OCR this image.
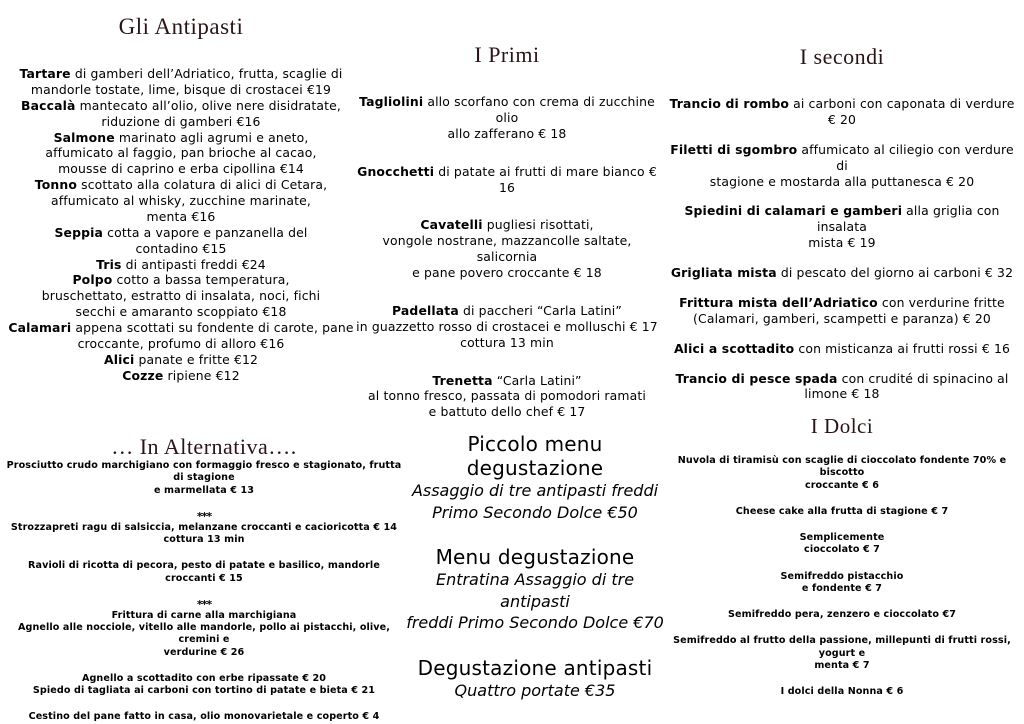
Gli Antipasti
Tartare di gamberi dell’Adriatico, frutta, scaglie di
mandorle tostate, lime, bisque di crostacei €19
Baccalà mantecato all’olio, olive nere disidratate,
riduzione di gamberi €16
Salmone marinato agli agrumi e aneto,
affumicato al faggio, pan brioche al cacao,
mousse di caprino e erba cipollina €14
Tonno scottato alla colatura di alici di Cetara,
affumicato al whisky, zucchine marinate,
menta €16
Seppia cotta a vapore e panzanella del
contadino €15
Tris di antipasti freddi €24
Polpo cotto a bassa temperatura,
bruschettato, estratto di insalata, noci, fichi
secchi e amaranto scoppiato €18
Calamari appena scottati su fondente di carote, pane
croccante, profumo di alloro €16
Alici panate e fritte €12
Cozze ripiene €12
I Primi
Tagliolini allo scorfano con crema di zucchine olio
allo zafferano € 18
Gnocchetti di patate ai frutti di mare bianco € 16
Cavatelli pugliesi risottati,
vongole nostrane, mazzancolle saltate, salicornia
e pane povero croccante € 18
Padellata di paccheri “Carla Latini”
in guazzetto rosso di crostacei e molluschi € 17
cottura 13 min
Trenetta “Carla Latini”
al tonno fresco, passata di pomodori ramati
e battuto dello chef € 17
I secondi
Trancio di rombo ai carboni con caponata di verdure € 20
Filetti di sgombro affumicato al ciliegio con verdure di
stagione e mostarda alla puttanesca € 20
Spiedini di calamari e gamberi alla griglia con insalata
mista € 19
Grigliata mista di pescato del giorno ai carboni € 32
Frittura mista dell’Adriatico con verdurine fritte
(Calamari, gamberi, scampetti e paranza) € 20
Alici a scottadito con misticanza ai frutti rossi € 16
Trancio di pesce spada con crudité di spinacino al
limone € 18
… In Alternativa….
Prosciutto crudo marchigiano con formaggio fresco e stagionato, frutta di stagione
e marmellata € 13
***
Strozzapreti ragu di salsiccia, melanzane croccanti e cacioricotta € 14
cottura 13 min
Ravioli di ricotta di pecora, pesto di patate e basilico, mandorle croccanti € 15
***
Frittura di carne alla marchigiana
Agnello alle nocciole, vitello alle mandorle, pollo ai pistacchi, olive, cremini e
verdurine € 26
Agnello a scottadito con erbe ripassate € 20
Spiedo di tagliata ai carboni con tortino di patate e bieta € 21
Cestino del pane fatto in casa, olio monovarietale e coperto € 4
Piccolo menu degustazione
Assaggio di tre antipasti freddi
Primo Secondo Dolce €50
Menu degustazione
Entratina Assaggio di tre antipasti
freddi Primo Secondo Dolce €70
Degustazione antipasti
Quattro portate €35
I Dolci
Nuvola di tiramisù con scaglie di cioccolato fondente 70% e biscotto
croccante € 6
Cheese cake alla frutta di stagione € 7
Semplicemente
cioccolato € 7
Semifreddo pistacchio
e fondente € 7
Semifreddo pera, zenzero e cioccolato €7
Semifreddo al frutto della passione, millepunti di frutti rossi, yogurt e
menta € 7
I dolci della Nonna € 6
